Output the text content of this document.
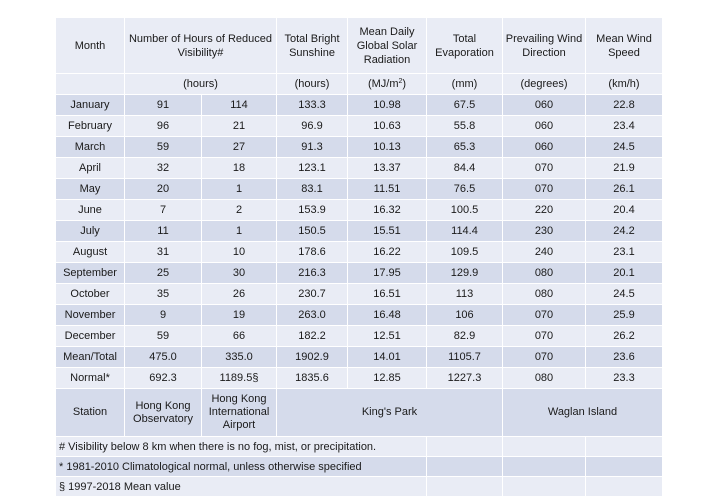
Month	Number of Hours of Reduced Visibility#		Total Bright Sunshine	Mean Daily Global Solar Radiation	Total Evaporation	Prevailing Wind Direction	Mean Wind Speed
	(hours)		(hours)	$(MJ/m^2)$	(mm)	(degrees)	(km/h)
January	91	114	133.3	10.98	67.5	060	22.8
February	96	21	96.9	10.63	55.8	060	23.4
March	59	27	91.3	10.13	65.3	060	24.5
April	32	18	123.1	13.37	84.4	070	21.9
May	20	1	83.1	11.51	76.5	070	26.1
June	7	2	153.9	16.32	100.5	220	20.4
July	11	1	150.5	15.51	114.4	230	24.2
August	31	10	178.6	16.22	109.5	240	23.1
September	25	30	216.3	17.95	129.9	080	20.1
October	35	26	230.7	16.51	113	080	24.5
November	9	19	263.0	16.48	106	070	25.9
December	59	66	182.2	12.51	82.9	070	26.2
Mean/Total	475.0	335.0	1902.9	14.01	1105.7	070	23.6
Normal*	692.3	1189.5§	1835.6	12.85	1227.3	080	23.3
Station	Hong Kong Observatory	Hong Kong International Airport	King's Park			Waglan Island	
# Visibility below 8 km when there is no fog, mist, or precipitation.							
* 1981-2010 Climatological normal, unless otherwise specified							
§ 1997-2018 Mean value							
